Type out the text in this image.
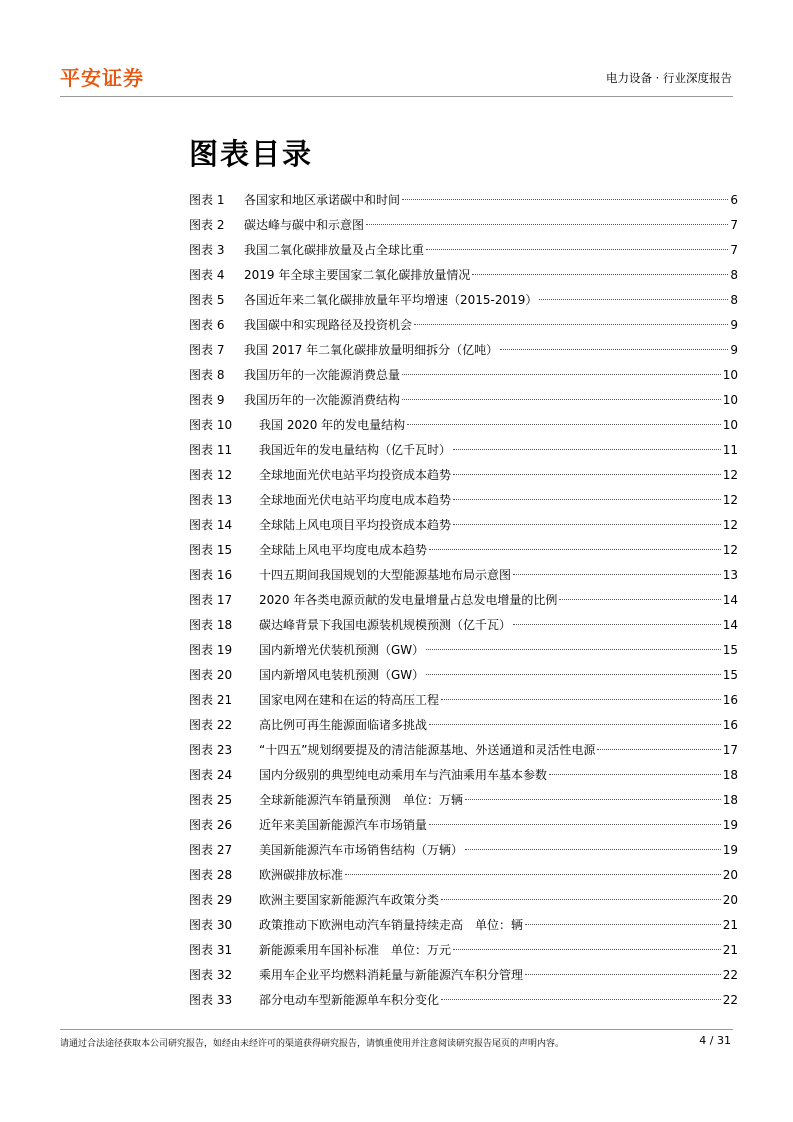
平安证券	电力设备 · 行业深度报告
图表目录
图表 1	各国家和地区承诺碳中和时间	6
图表 2	碳达峰与碳中和示意图	7
图表 3	我国二氧化碳排放量及占全球比重	7
图表 4	2019 年全球主要国家二氧化碳排放量情况	8
图表 5	各国近年来二氧化碳排放量年平均增速（2015-2019）	8
图表 6	我国碳中和实现路径及投资机会	9
图表 7	我国 2017 年二氧化碳排放量明细拆分（亿吨）	9
图表 8	我国历年的一次能源消费总量	10
图表 9	我国历年的一次能源消费结构	10
图表 10	我国 2020 年的发电量结构	10
图表 11	我国近年的发电量结构（亿千瓦时）	11
图表 12	全球地面光伏电站平均投资成本趋势	12
图表 13	全球地面光伏电站平均度电成本趋势	12
图表 14	全球陆上风电项目平均投资成本趋势	12
图表 15	全球陆上风电平均度电成本趋势	12
图表 16	十四五期间我国规划的大型能源基地布局示意图	13
图表 17	2020 年各类电源贡献的发电量增量占总发电增量的比例	14
图表 18	碳达峰背景下我国电源装机规模预测（亿千瓦）	14
图表 19	国内新增光伏装机预测（GW）	15
图表 20	国内新增风电装机预测（GW）	15
图表 21	国家电网在建和在运的特高压工程	16
图表 22	高比例可再生能源面临诸多挑战	16
图表 23	“十四五”规划纲要提及的清洁能源基地、外送通道和灵活性电源	17
图表 24	国内分级别的典型纯电动乘用车与汽油乘用车基本参数	18
图表 25	全球新能源汽车销量预测　单位：万辆	18
图表 26	近年来美国新能源汽车市场销量	19
图表 27	美国新能源汽车市场销售结构（万辆）	19
图表 28	欧洲碳排放标准	20
图表 29	欧洲主要国家新能源汽车政策分类	20
图表 30	政策推动下欧洲电动汽车销量持续走高　单位：辆	21
图表 31	新能源乘用车国补标准　单位：万元	21
图表 32	乘用车企业平均燃料消耗量与新能源汽车积分管理	22
图表 33	部分电动车型新能源单车积分变化	22
请通过合法途径获取本公司研究报告，如经由未经许可的渠道获得研究报告，请慎重使用并注意阅读研究报告尾页的声明内容。	4 / 31
